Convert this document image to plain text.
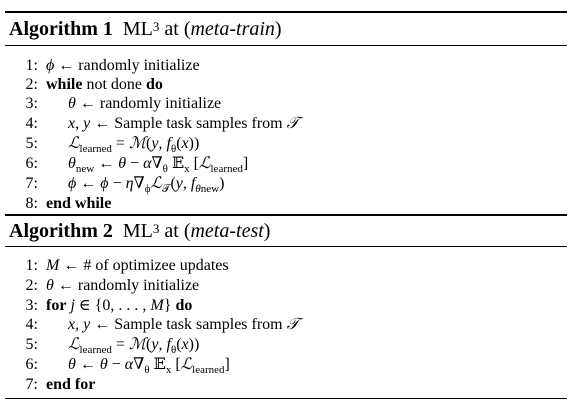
Algorithm 1 $ML^3$ at (meta-train)
1: ϕ ← randomly initialize
2: while not done do
3: θ ← randomly initialize
4: x, y ← Sample task samples from 𝒯
5: ℒ$_{learned}$ = ℳ(y, $f_\theta(x)$)
6: $\theta_{new}$ ← $\theta - \alpha\nabla_\theta$ 𝔼$_x$ [ℒ$_{learned}$]
7: ϕ ← $\phi - \eta\nabla_\phi ℒ_𝒯(y$, $f_{\theta new}$)
8: end while
Algorithm 2 $ML^3$ at (meta-test)
1: M ← # of optimizee updates
2: θ ← randomly initialize
3: for j ∈ {0, . . . , M} do
4: x, y ← Sample task samples from 𝒯
5: ℒ$_{learned}$ = ℳ(y, $f_\theta(x)$)
6: θ ← $\theta - \alpha\nabla_\theta$ 𝔼$_x$ [ℒ$_{learned}$]
7: end for
